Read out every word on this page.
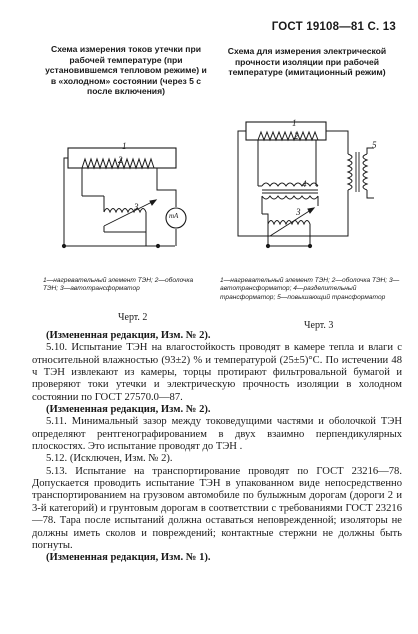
ГОСТ 19108—81 С. 13
Схема измерения токов утечки при рабочей температуре (при установившемся тепловом режиме) и в «холодном» состоянии (через 5 с после включения)
Схема для измерения электрической прочности изоляции при рабочей температуре (имитационный режим)
1
2
3
mA
1
2
3
4
5
1—нагревательный элемент ТЭН; 2—оболочка ТЭН; 3—автотрансформатор
1—нагревательный элемент ТЭН; 2—оболочка ТЭН; 3—автотрансформатор; 4—разделительный трансформатор; 5—повышающий трансформатор
Черт. 2
Черт. 3

(Измененная редакция, Изм. № 2).

5.10. Испытание ТЭН на влагостойкость проводят в камере тепла и влаги с относительной влажностью (93±2) % и температурой (25±5)°С. По истечении 48 ч ТЭН извлекают из камеры, торцы протирают фильтровальной бумагой и проверяют токи утечки и электрическую прочность изоляции в холодном состоянии по ГОСТ 27570.0—87.

(Измененная редакция, Изм. № 2).

5.11. Минимальный зазор между токоведущими частями и оболочкой ТЭН определяют рентгенографированием в двух взаимно перпендикулярных плоскостях. Это испытание проводят до ТЭН .

5.12. (Исключен, Изм. № 2).

5.13. Испытание на транспортирование проводят по ГОСТ 23216—78. Допускается проводить испытание ТЭН в упакованном виде непосредственно транспортированием на грузовом автомобиле по булыжным дорогам (дороги 2 и 3-й категорий) и грунтовым дорогам в соответствии с требованиями ГОСТ 23216—78. Тара после испытаний должна оставаться неповрежденной; изоляторы не должны иметь сколов и повреждений; контактные стержни не должны быть погнуты.

(Измененная редакция, Изм. № 1).
